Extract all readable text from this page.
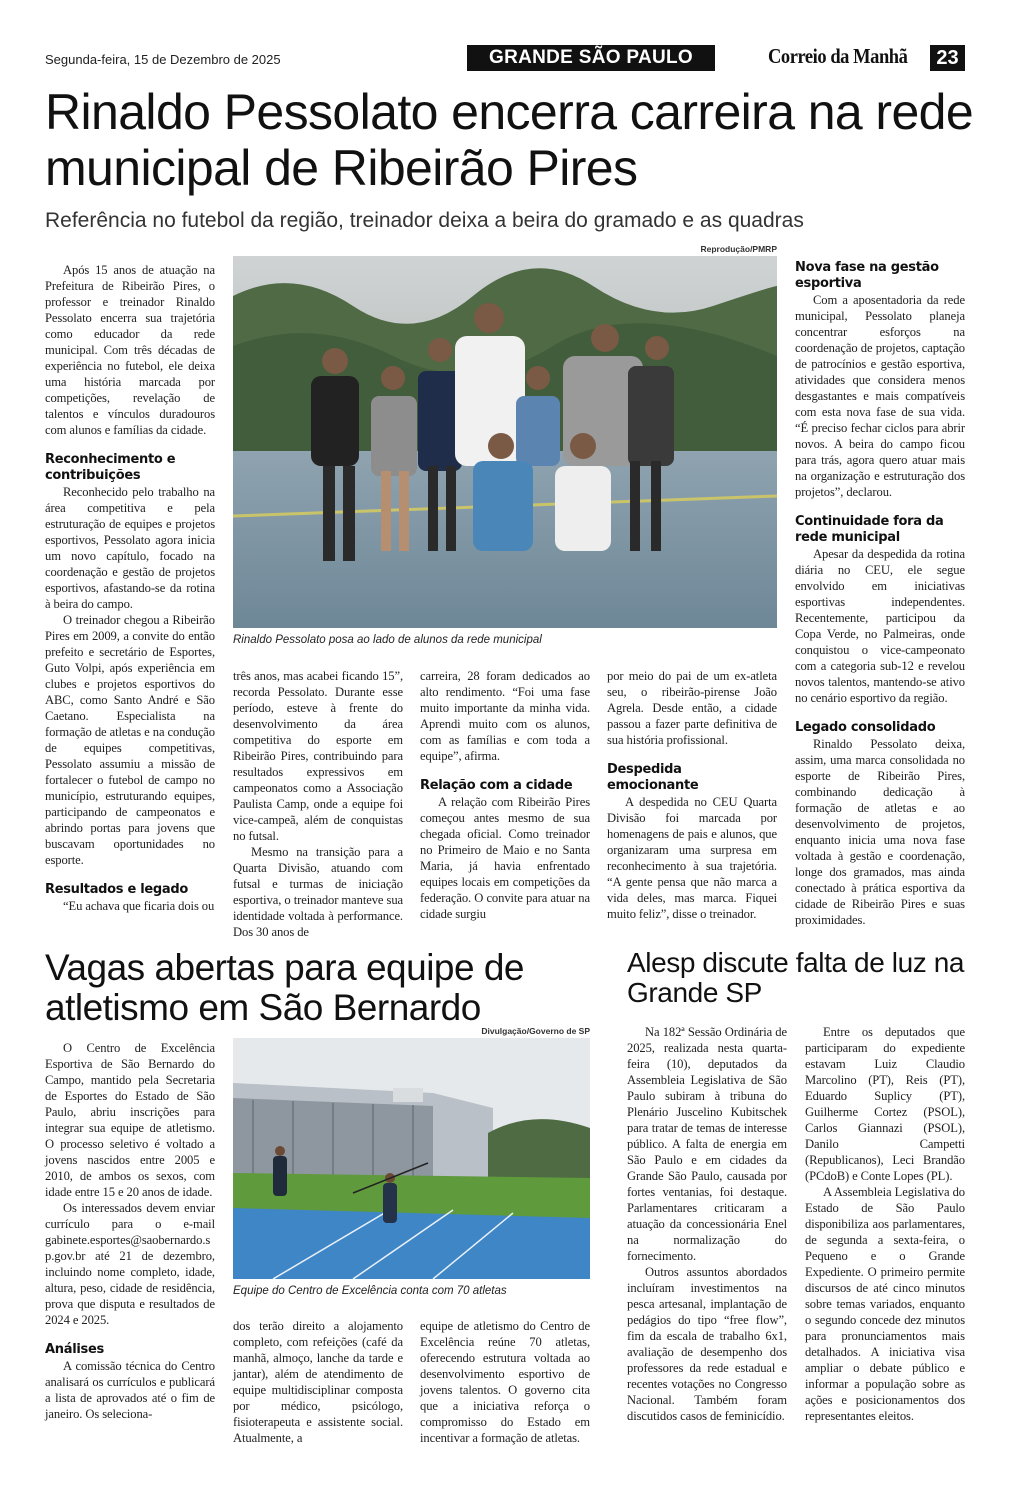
Segunda-feira, 15 de Dezembro de 2025	GRANDE SÃO PAULO	Correio da Manhã	23
Rinaldo Pessolato encerra carreira na rede municipal de Ribeirão Pires
Referência no futebol da região, treinador deixa a beira do gramado e as quadras
Reprodução/PMRP
Rinaldo Pessolato posa ao lado de alunos da rede municipal

Após 15 anos de atuação na Prefeitura de Ribeirão Pires, o professor e treinador Rinaldo Pessolato encerra sua trajetória como educador da rede municipal. Com três décadas de experiência no futebol, ele deixa uma história marcada por competições, revelação de talentos e vínculos duradouros com alunos e famílias da cidade.

Reconhecimento e contribuições

Reconhecido pelo trabalho na área competitiva e pela estruturação de equipes e projetos esportivos, Pessolato agora inicia um novo capítulo, focado na coordenação e gestão de projetos esportivos, afastando-se da rotina à beira do campo.

O treinador chegou a Ribeirão Pires em 2009, a convite do então prefeito e secretário de Esportes, Guto Volpi, após experiência em clubes e projetos esportivos do ABC, como Santo André e São Caetano. Especialista na formação de atletas e na condução de equipes competitivas, Pessolato assumiu a missão de fortalecer o futebol de campo no município, estruturando equipes, participando de campeonatos e abrindo portas para jovens que buscavam oportunidades no esporte.

Resultados e legado

“Eu achava que ficaria dois ou

três anos, mas acabei ficando 15”, recorda Pessolato. Durante esse período, esteve à frente do desenvolvimento da área competitiva do esporte em Ribeirão Pires, contribuindo para resultados expressivos em campeonatos como a Associação Paulista Camp, onde a equipe foi vice-campeã, além de conquistas no futsal.

Mesmo na transição para a Quarta Divisão, atuando com futsal e turmas de iniciação esportiva, o treinador manteve sua identidade voltada à performance. Dos 30 anos de

carreira, 28 foram dedicados ao alto rendimento. “Foi uma fase muito importante da minha vida. Aprendi muito com os alunos, com as famílias e com toda a equipe”, afirma.

Relação com a cidade

A relação com Ribeirão Pires começou antes mesmo de sua chegada oficial. Como treinador no Primeiro de Maio e no Santa Maria, já havia enfrentado equipes locais em competições da federação. O convite para atuar na cidade surgiu

por meio do pai de um ex-atleta seu, o ribeirão-pirense João Agrela. Desde então, a cidade passou a fazer parte definitiva de sua história profissional.

Despedida emocionante

A despedida no CEU Quarta Divisão foi marcada por homenagens de pais e alunos, que organizaram uma surpresa em reconhecimento à sua trajetória. “A gente pensa que não marca a vida deles, mas marca. Fiquei muito feliz”, disse o treinador.

Nova fase na gestão esportiva

Com a aposentadoria da rede municipal, Pessolato planeja concentrar esforços na coordenação de projetos, captação de patrocínios e gestão esportiva, atividades que considera menos desgastantes e mais compatíveis com esta nova fase de sua vida. “É preciso fechar ciclos para abrir novos. A beira do campo ficou para trás, agora quero atuar mais na organização e estruturação dos projetos”, declarou.

Continuidade fora da rede municipal

Apesar da despedida da rotina diária no CEU, ele segue envolvido em iniciativas esportivas independentes. Recentemente, participou da Copa Verde, no Palmeiras, onde conquistou o vice-campeonato com a categoria sub-12 e revelou novos talentos, mantendo-se ativo no cenário esportivo da região.

Legado consolidado

Rinaldo Pessolato deixa, assim, uma marca consolidada no esporte de Ribeirão Pires, combinando dedicação à formação de atletas e ao desenvolvimento de projetos, enquanto inicia uma nova fase voltada à gestão e coordenação, longe dos gramados, mas ainda conectado à prática esportiva da cidade de Ribeirão Pires e suas proximidades.

Vagas abertas para equipe de atletismo em São Bernardo
Divulgação/Governo de SP
Equipe do Centro de Excelência conta com 70 atletas

O Centro de Excelência Esportiva de São Bernardo do Campo, mantido pela Secretaria de Esportes do Estado de São Paulo, abriu inscrições para integrar sua equipe de atletismo. O processo seletivo é voltado a jovens nascidos entre 2005 e 2010, de ambos os sexos, com idade entre 15 e 20 anos de idade.

Os interessados devem enviar currículo para o e-mail gabinete.esportes@saobernardo.sp.gov.br até 21 de dezembro, incluindo nome completo, idade, altura, peso, cidade de residência, prova que disputa e resultados de 2024 e 2025.

Análises

A comissão técnica do Centro analisará os currículos e publicará a lista de aprovados até o fim de janeiro. Os seleciona-

dos terão direito a alojamento completo, com refeições (café da manhã, almoço, lanche da tarde e jantar), além de atendimento de equipe multidisciplinar composta por médico, psicólogo, fisioterapeuta e assistente social. Atualmente, a

equipe de atletismo do Centro de Excelência reúne 70 atletas, oferecendo estrutura voltada ao desenvolvimento esportivo de jovens talentos. O governo cita que a iniciativa reforça o compromisso do Estado em incentivar a formação de atletas.

Alesp discute falta de luz na Grande SP

Na 182ª Sessão Ordinária de 2025, realizada nesta quarta-feira (10), deputados da Assembleia Legislativa de São Paulo subiram à tribuna do Plenário Juscelino Kubitschek para tratar de temas de interesse público. A falta de energia em São Paulo e em cidades da Grande São Paulo, causada por fortes ventanias, foi destaque. Parlamentares criticaram a atuação da concessionária Enel na normalização do fornecimento.

Outros assuntos abordados incluíram investimentos na pesca artesanal, implantação de pedágios do tipo “free flow”, fim da escala de trabalho 6x1, avaliação de desempenho dos professores da rede estadual e recentes votações no Congresso Nacional. Também foram discutidos casos de feminicídio.

Entre os deputados que participaram do expediente estavam Luiz Claudio Marcolino (PT), Reis (PT), Eduardo Suplicy (PT), Guilherme Cortez (PSOL), Carlos Giannazi (PSOL), Danilo Campetti (Republicanos), Leci Brandão (PCdoB) e Conte Lopes (PL).

A Assembleia Legislativa do Estado de São Paulo disponibiliza aos parlamentares, de segunda a sexta-feira, o Pequeno e o Grande Expediente. O primeiro permite discursos de até cinco minutos sobre temas variados, enquanto o segundo concede dez minutos para pronunciamentos mais detalhados. A iniciativa visa ampliar o debate público e informar a população sobre as ações e posicionamentos dos representantes eleitos.
